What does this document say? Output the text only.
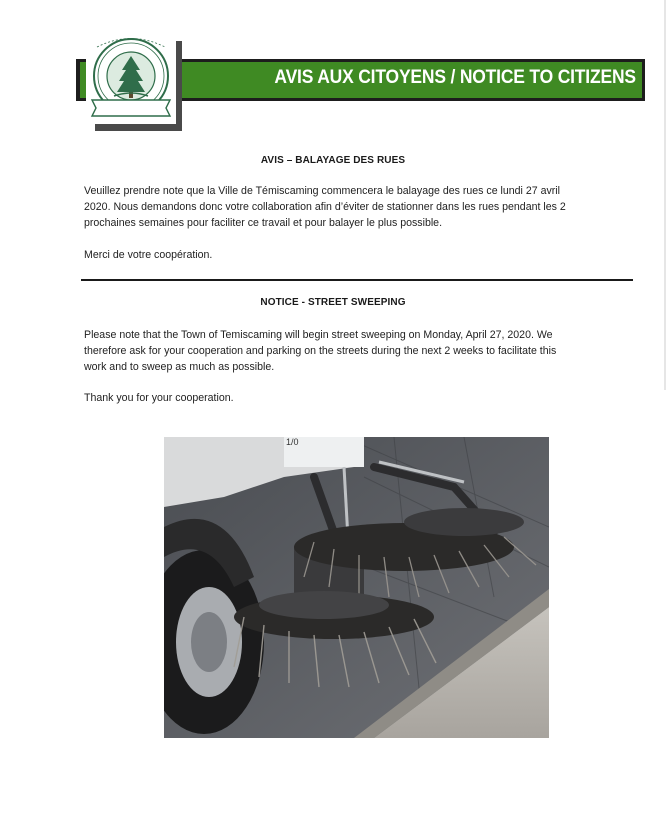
AVIS AUX CITOYENS / NOTICE TO CITIZENS

AVIS – BALAYAGE DES RUES

Veuillez prendre note que la Ville de Témiscaming commencera le balayage des rues ce lundi 27 avril

2020. Nous demandons donc votre collaboration afin d’éviter de stationner dans les rues pendant les 2

prochaines semaines pour faciliter ce travail et pour balayer le plus possible.

Merci de votre coopération.

NOTICE - STREET SWEEPING

Please note that the Town of Temiscaming will begin street sweeping on Monday, April 27, 2020. We

therefore ask for your cooperation and parking on the streets during the next 2 weeks to facilitate this

work and to sweep as much as possible.

Thank you for your cooperation.

1/0
